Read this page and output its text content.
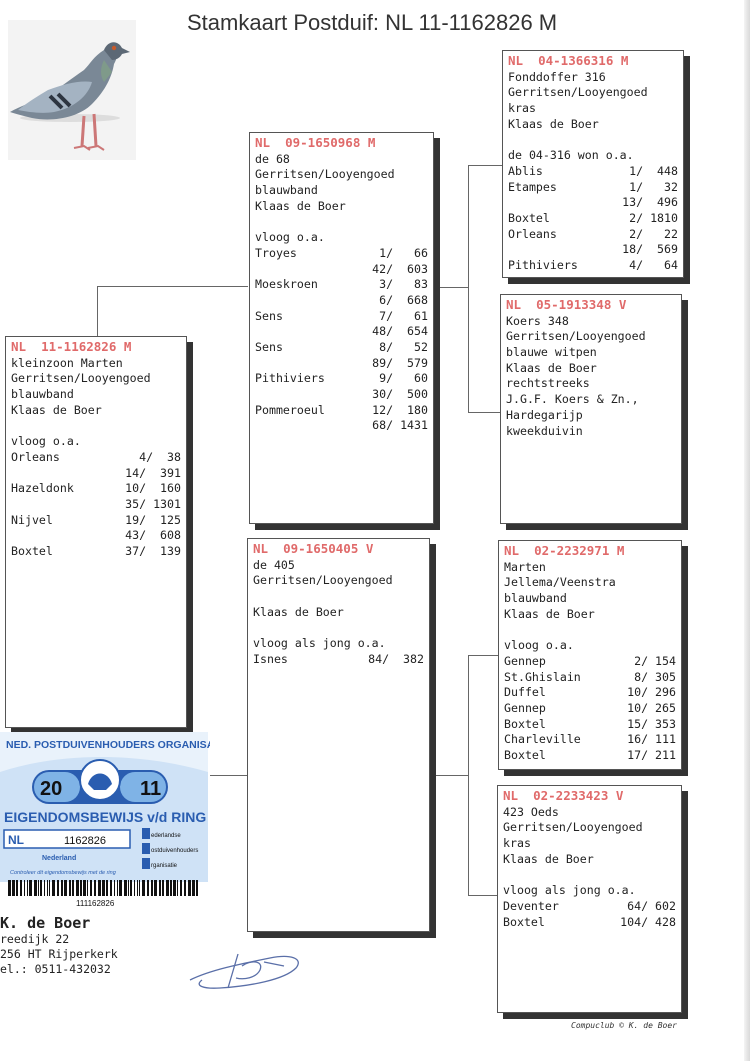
Stamkaart Postduif: NL 11-1162826 M
NL  11-1162826 M
kleinzoon Marten
Gerritsen/Looyengoed
blauwband
Klaas de Boer
vloog o.a.
Orleans	4/  38
14/  391
Hazeldonk	10/  160
35/ 1301
Nijvel	19/  125
43/  608
Boxtel	37/  139
NL  09-1650968 M
de 68
Gerritsen/Looyengoed
blauwband
Klaas de Boer
vloog o.a.
Troyes	1/   66
42/  603
Moeskroen	3/   83
6/  668
Sens	7/   61
48/  654
Sens	8/   52
89/  579
Pithiviers	9/   60
30/  500
Pommeroeul	12/  180
68/ 1431
NL  09-1650405 V
de 405
Gerritsen/Looyengoed
Klaas de Boer
vloog als jong o.a.
Isnes	84/  382
NL  04-1366316 M
Fonddoffer 316
Gerritsen/Looyengoed
kras
Klaas de Boer
de 04-316 won o.a.
Ablis	1/  448
Etampes	1/   32
13/  496
Boxtel	2/ 1810
Orleans	2/   22
18/  569
Pithiviers	4/   64
NL  05-1913348 V
Koers 348
Gerritsen/Looyengoed
blauwe witpen
Klaas de Boer
rechtstreeks
J.G.F. Koers & Zn.,
Hardegarijp
kweekduivin
NL  02-2232971 M
Marten
Jellema/Veenstra
blauwband
Klaas de Boer
vloog o.a.
Gennep	2/ 154
St.Ghislain	8/ 305
Duffel	10/ 296
Gennep	10/ 265
Boxtel	15/ 353
Charleville	16/ 111
Boxtel	17/ 211
NL  02-2233423 V
423 Oeds
Gerritsen/Looyengoed
kras
Klaas de Boer
vloog als jong o.a.
Deventer	64/ 602
Boxtel	104/ 428
NED. POSTDUIVENHOUDERS ORGANISATIE
20	11
EIGENDOMSBEWIJS v/d RING
NL	1162826
Nederland
ederlandse
ostduivenhouders
rganisatie
Controleer dit eigendomsbewijs met de ring
111162826
K. de Boer
reedijk 22
256 HT Rijperkerk
el.: 0511-432032
Compuclub © K. de Boer
